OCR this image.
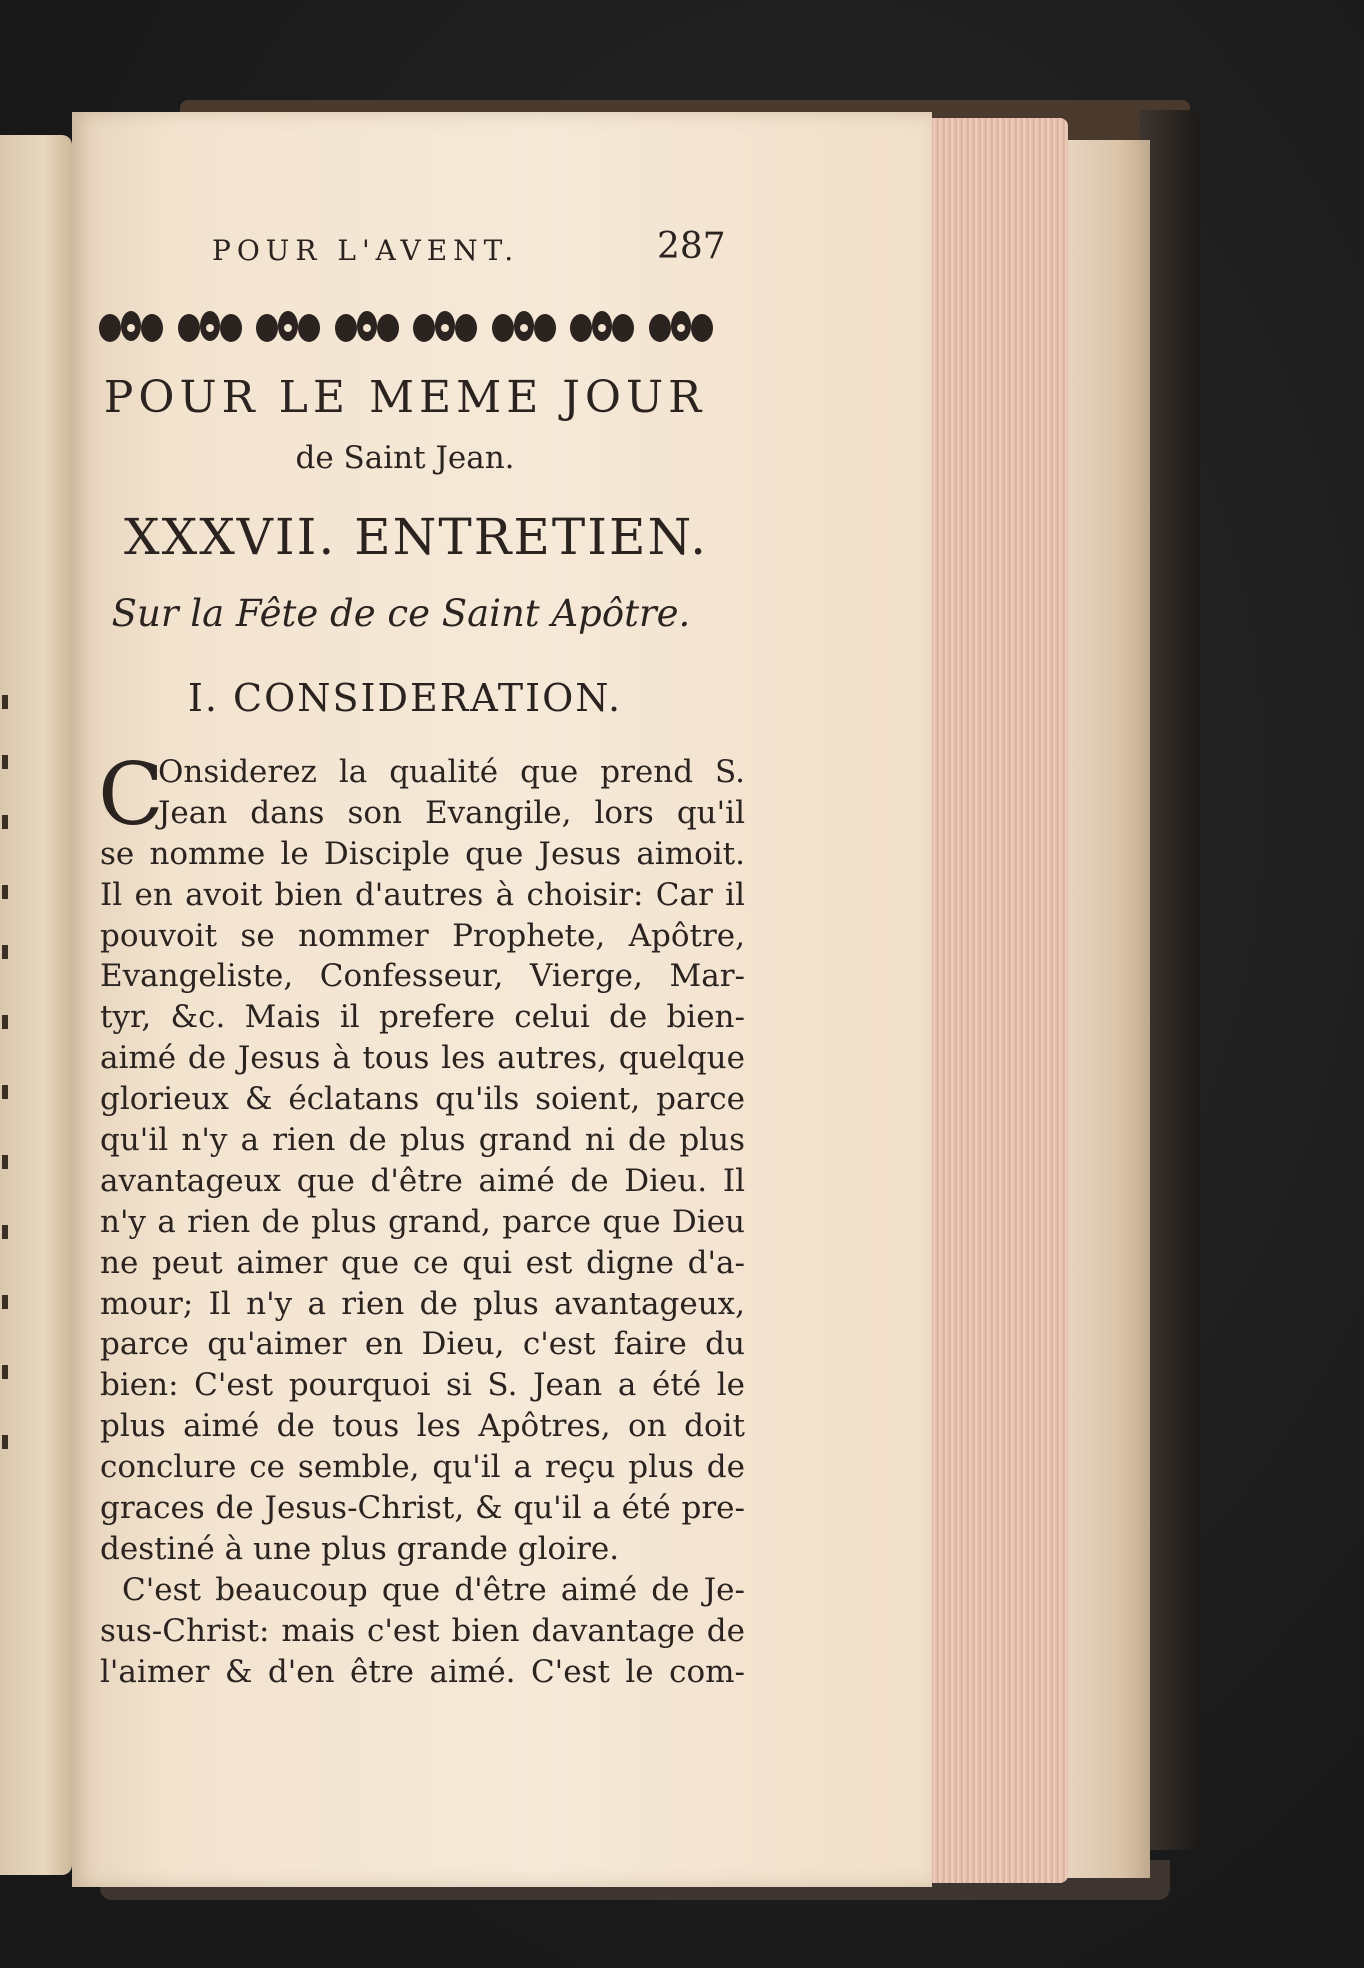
POUR L'AVENT.	287
POUR LE MEME JOUR
de Saint Jean.
XXXVII. ENTRETIEN.
Sur la Fête de ce Saint Apôtre.
I. CONSIDERATION.
C
Onsiderez la qualité que prend S.
Jean dans son Evangile, lors qu'il
se nomme le Disciple que Jesus aimoit.
Il en avoit bien d'autres à choisir: Car il
pouvoit se nommer Prophete, Apôtre,
Evangeliste, Confesseur, Vierge, Mar-
tyr, &c. Mais il prefere celui de bien-
aimé de Jesus à tous les autres, quelque
glorieux & éclatans qu'ils soient, parce
qu'il n'y a rien de plus grand ni de plus
avantageux que d'être aimé de Dieu. Il
n'y a rien de plus grand, parce que Dieu
ne peut aimer que ce qui est digne d'a-
mour; Il n'y a rien de plus avantageux,
parce qu'aimer en Dieu, c'est faire du
bien: C'est pourquoi si S. Jean a été le
plus aimé de tous les Apôtres, on doit
conclure ce semble, qu'il a reçu plus de
graces de Jesus-Christ, & qu'il a été pre-
destiné à une plus grande gloire.
C'est beaucoup que d'être aimé de Je-
sus-Christ: mais c'est bien davantage de
l'aimer & d'en être aimé. C'est le com-
